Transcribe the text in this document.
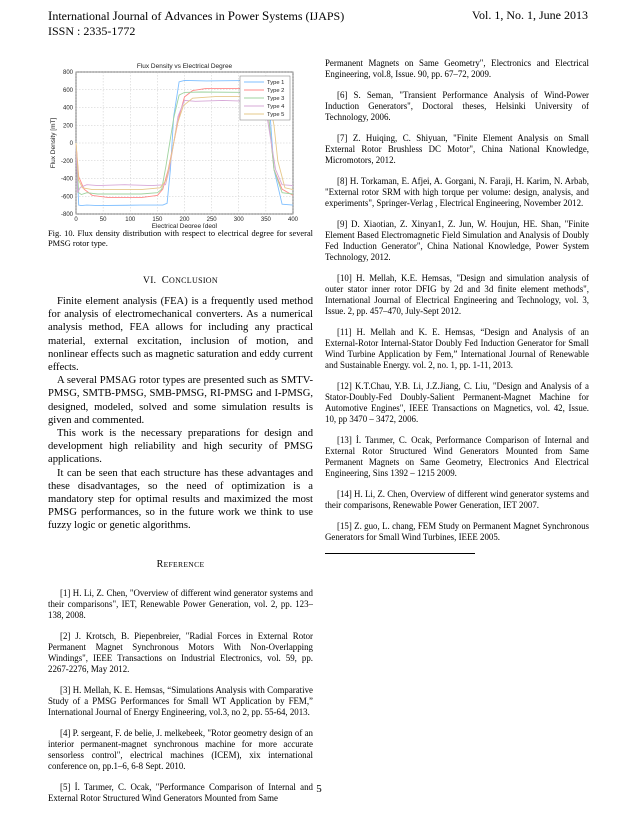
International Journal of Advances in Power Systems (IJAPS)	Vol. 1, No. 1, June 2013
ISSN : 2335-1772
0	50	100	150	200	250	300	350	400
-800
-600
-400
-200
0
200
400
600
800
Flux Density vs Electrical Degree
Electrical Degree [deg]
Flux Density [mT]
Type 1
Type 2
Type 3
Type 4
Type 5
Fig. 10. Flux density distribution with respect to electrical degree for several PMSG rotor type.
VI. CONCLUSION

Finite element analysis (FEA) is a frequently used method for analysis of electromechanical converters. As a numerical analysis method, FEA allows for including any practical material, external excitation, inclusion of motion, and nonlinear effects such as magnetic saturation and eddy current effects.

A several PMSAG rotor types are presented such as SMTV-PMSG, SMTB-PMSG, SMB-PMSG, RI-PMSG and I-PMSG, designed, modeled, solved and some simulation results is given and commented.

This work is the necessary preparations for design and development high reliability and high security of PMSG applications.

It can be seen that each structure has these advantages and these disadvantages, so the need of optimization is a mandatory step for optimal results and maximized the most PMSG performances, so in the future work we think to use fuzzy logic or genetic algorithms.

REFERENCE

[1] H. Li, Z. Chen, "Overview of different wind generator systems and their comparisons", IET, Renewable Power Generation, vol. 2, pp. 123–138, 2008.

[2] J. Krotsch, B. Piepenbreier, "Radial Forces in External Rotor Permanent Magnet Synchronous Motors With Non-Overlapping Windings", IEEE Transactions on Industrial Electronics, vol. 59, pp. 2267-2276, May 2012.

[3] H. Mellah, K. E. Hemsas, “Simulations Analysis with Comparative Study of a PMSG Performances for Small WT Application by FEM,” International Journal of Energy Engineering, vol.3, no 2, pp. 55-64, 2013.

[4] P. sergeant, F. de belie, J. melkebeek, "Rotor geometry design of an interior permanent-magnet synchronous machine for more accurate sensorless control", electrical machines (ICEM), xix international conference on, pp.1–6, 6-8 Sept. 2010.

[5] İ. Tarımer, C. Ocak, "Performance Comparison of Internal and External Rotor Structured Wind Generators Mounted from Same

Permanent Magnets on Same Geometry", Electronics and Electrical Engineering, vol.8, Issue. 90, pp. 67–72, 2009.

[6] S. Seman, "Transient Performance Analysis of Wind-Power Induction Generators", Doctoral theses, Helsinki University of Technology, 2006.

[7] Z. Huiqing, C. Shiyuan, "Finite Element Analysis on Small External Rotor Brushless DC Motor", China National Knowledge, Micromotors, 2012.

[8] H. Torkaman, E. Afjei, A. Gorgani, N. Faraji, H. Karim, N. Arbab, "External rotor SRM with high torque per volume: design, analysis, and experiments", Springer-Verlag , Electrical Engineering, November 2012.

[9] D. Xiaotian, Z. Xinyan1, Z. Jun, W. Houjun, HE. Shan, "Finite Element Based Electromagnetic Field Simulation and Analysis of Doubly Fed Induction Generator", China National Knowledge, Power System Technology, 2012.

[10] H. Mellah, K.E. Hemsas, "Design and simulation analysis of outer stator inner rotor DFIG by 2d and 3d finite element methods", International Journal of Electrical Engineering and Technology, vol. 3, Issue. 2, pp. 457–470, July-Sept 2012.

[11] H. Mellah and K. E. Hemsas, “Design and Analysis of an External-Rotor Internal-Stator Doubly Fed Induction Generator for Small Wind Turbine Application by Fem,” International Journal of Renewable and Sustainable Energy. vol. 2, no. 1, pp. 1-11, 2013.

[12] K.T.Chau, Y.B. Li, J.Z.Jiang, C. Liu, "Design and Analysis of a Stator-Doubly-Fed Doubly-Salient Permanent-Magnet Machine for Automotive Engines", IEEE Transactions on Magnetics, vol. 42, Issue. 10, pp 3470 – 3472, 2006.

[13] İ. Tarımer, C. Ocak, Performance Comparison of Internal and External Rotor Structured Wind Generators Mounted from Same Permanent Magnets on Same Geometry, Electronics And Electrical Engineering, Sins 1392 – 1215 2009.

[14] H. Li, Z. Chen, Overview of different wind generator systems and their comparisons, Renewable Power Generation, IET 2007.

[15] Z. guo, L. chang, FEM Study on Permanent Magnet Synchronous Generators for Small Wind Turbines, IEEE 2005.

5
